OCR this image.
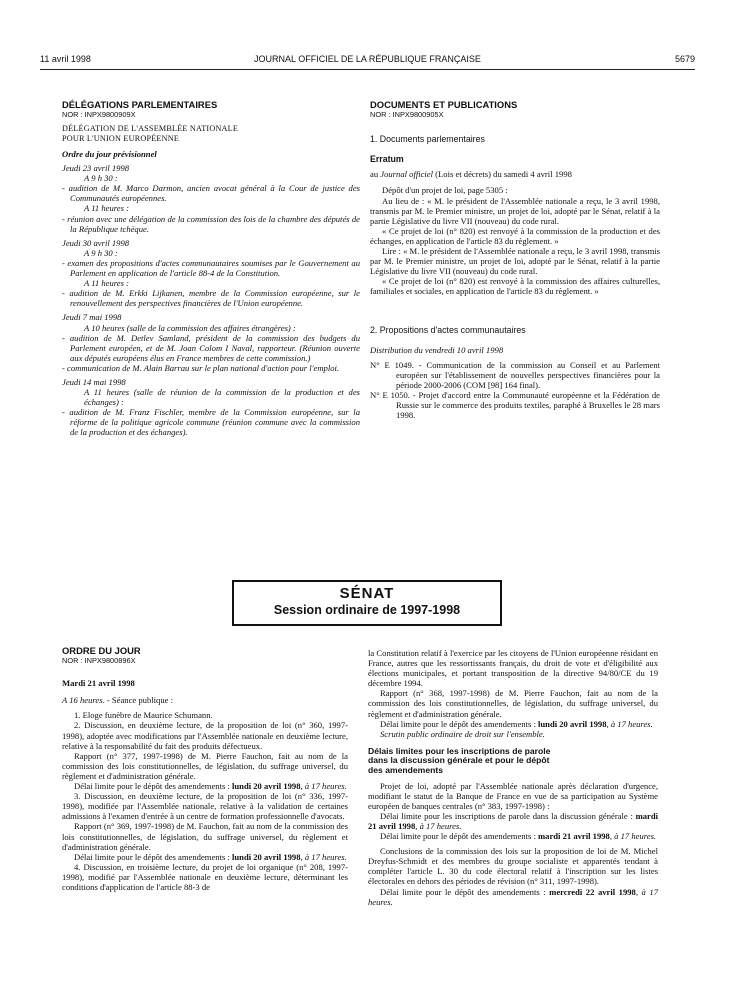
11 avril 1998	JOURNAL OFFICIEL DE LA RÉPUBLIQUE FRANÇAISE	5679

DÉLÉGATIONS PARLEMENTAIRES

NOR : INPX9800909X

DÉLÉGATION DE L'ASSEMBLÉE NATIONALE

POUR L'UNION EUROPÉENNE

Ordre du jour prévisionnel

Jeudi 23 avril 1998

A 9 h 30 :

- audition de M. Marco Darmon, ancien avocat général à la Cour de justice des Communautés européennes.

A 11 heures :

- réunion avec une délégation de la commission des lois de la chambre des députés de la République tchèque.

Jeudi 30 avril 1998

A 9 h 30 :

- examen des propositions d'actes communautaires soumises par le Gouvernement au Parlement en application de l'article 88-4 de la Constitution.

A 11 heures :

- audition de M. Erkki Lijkanen, membre de la Commission européenne, sur le renouvellement des perspectives financières de l'Union européenne.

Jeudi 7 mai 1998

A 10 heures (salle de la commission des affaires étrangères) :

- audition de M. Detlev Samland, président de la commission des budgets du Parlement européen, et de M. Joan Colom I Naval, rapporteur. (Réunion ouverte aux députés européens élus en France membres de cette commission.)

- communication de M. Alain Barrau sur le plan national d'action pour l'emploi.

Jeudi 14 mai 1998

A 11 heures (salle de réunion de la commission de la production et des échanges) :

- audition de M. Franz Fischler, membre de la Commission européenne, sur la réforme de la politique agricole commune (réunion commune avec la commission de la production et des échanges).

DOCUMENTS ET PUBLICATIONS

NOR : INPX9800905X

1. Documents parlementaires

Erratum

au Journal officiel (Lois et décrets) du samedi 4 avril 1998

Dépôt d'un projet de loi, page 5305 :

Au lieu de : « M. le président de l'Assemblée nationale a reçu, le 3 avril 1998, transmis par M. le Premier ministre, un projet de loi, adopté par le Sénat, relatif à la partie Législative du livre VII (nouveau) du code rural.

« Ce projet de loi (n° 820) est renvoyé à la commission de la production et des échanges, en application de l'article 83 du règlement. »

Lire : « M. le président de l'Assemblée nationale a reçu, le 3 avril 1998, transmis par M. le Premier ministre, un projet de loi, adopté par le Sénat, relatif à la partie Législative du livre VII (nouveau) du code rural.

« Ce projet de loi (n° 820) est renvoyé à la commission des affaires culturelles, familiales et sociales, en application de l'article 83 du règlement. »

2. Propositions d'actes communautaires

Distribution du vendredi 10 avril 1998

N° E 1049. - Communication de la commission au Conseil et au Parlement européen sur l'établissement de nouvelles perspectives financières pour la période 2000-2006 (COM [98] 164 final).

N° E 1050. - Projet d'accord entre la Communauté européenne et la Fédération de Russie sur le commerce des produits textiles, paraphé à Bruxelles le 28 mars 1998.

SÉNAT
Session ordinaire de 1997-1998

ORDRE DU JOUR

NOR : INPX9800896X

Mardi 21 avril 1998

A 16 heures. - Séance publique :

1. Eloge funèbre de Maurice Schumann.

2. Discussion, en deuxième lecture, de la proposition de loi (n° 360, 1997-1998), adoptée avec modifications par l'Assemblée nationale en deuxième lecture, relative à la responsabilité du fait des produits défectueux.

Rapport (n° 377, 1997-1998) de M. Pierre Fauchon, fait au nom de la commission des lois constitutionnelles, de législation, du suffrage universel, du règlement et d'administration générale.

Délai limite pour le dépôt des amendements : lundi 20 avril 1998, à 17 heures.

3. Discussion, en deuxième lecture, de la proposition de loi (n° 336, 1997-1998), modifiée par l'Assemblée nationale, relative à la validation de certaines admissions à l'examen d'entrée à un centre de formation professionnelle d'avocats.

Rapport (n° 369, 1997-1998) de M. Fauchon, fait au nom de la commission des lois constitutionnelles, de législation, du suffrage universel, du règlement et d'administration générale.

Délai limite pour le dépôt des amendements : lundi 20 avril 1998, à 17 heures.

4. Discussion, en troisième lecture, du projet de loi organique (n° 208, 1997-1998), modifié par l'Assemblée nationale en deuxième lecture, déterminant les conditions d'application de l'article 88-3 de

la Constitution relatif à l'exercice par les citoyens de l'Union européenne résidant en France, autres que les ressortissants français, du droit de vote et d'éligibilité aux élections municipales, et portant transposition de la directive 94/80/CE du 19 décembre 1994.

Rapport (n° 368, 1997-1998) de M. Pierre Fauchon, fait au nom de la commission des lois constitutionnelles, de législation, du suffrage universel, du règlement et d'administration générale.

Délai limite pour le dépôt des amendements : lundi 20 avril 1998, à 17 heures.

Scrutin public ordinaire de droit sur l'ensemble.

Délais limites pour les inscriptions de parole

dans la discussion générale et pour le dépôt

des amendements

Projet de loi, adopté par l'Assemblée nationale après déclaration d'urgence, modifiant le statut de la Banque de France en vue de sa participation au Système européen de banques centrales (n° 383, 1997-1998) :

Délai limite pour les inscriptions de parole dans la discussion générale : mardi 21 avril 1998, à 17 heures.

Délai limite pour le dépôt des amendements : mardi 21 avril 1998, à 17 heures.

Conclusions de la commission des lois sur la proposition de loi de M. Michel Dreyfus-Schmidt et des membres du groupe socialiste et apparentés tendant à compléter l'article L. 30 du code électoral relatif à l'inscription sur les listes électorales en dehors des périodes de révision (n° 311, 1997-1998).

Délai limite pour le dépôt des amendements : mercredi 22 avril 1998, à 17 heures.
